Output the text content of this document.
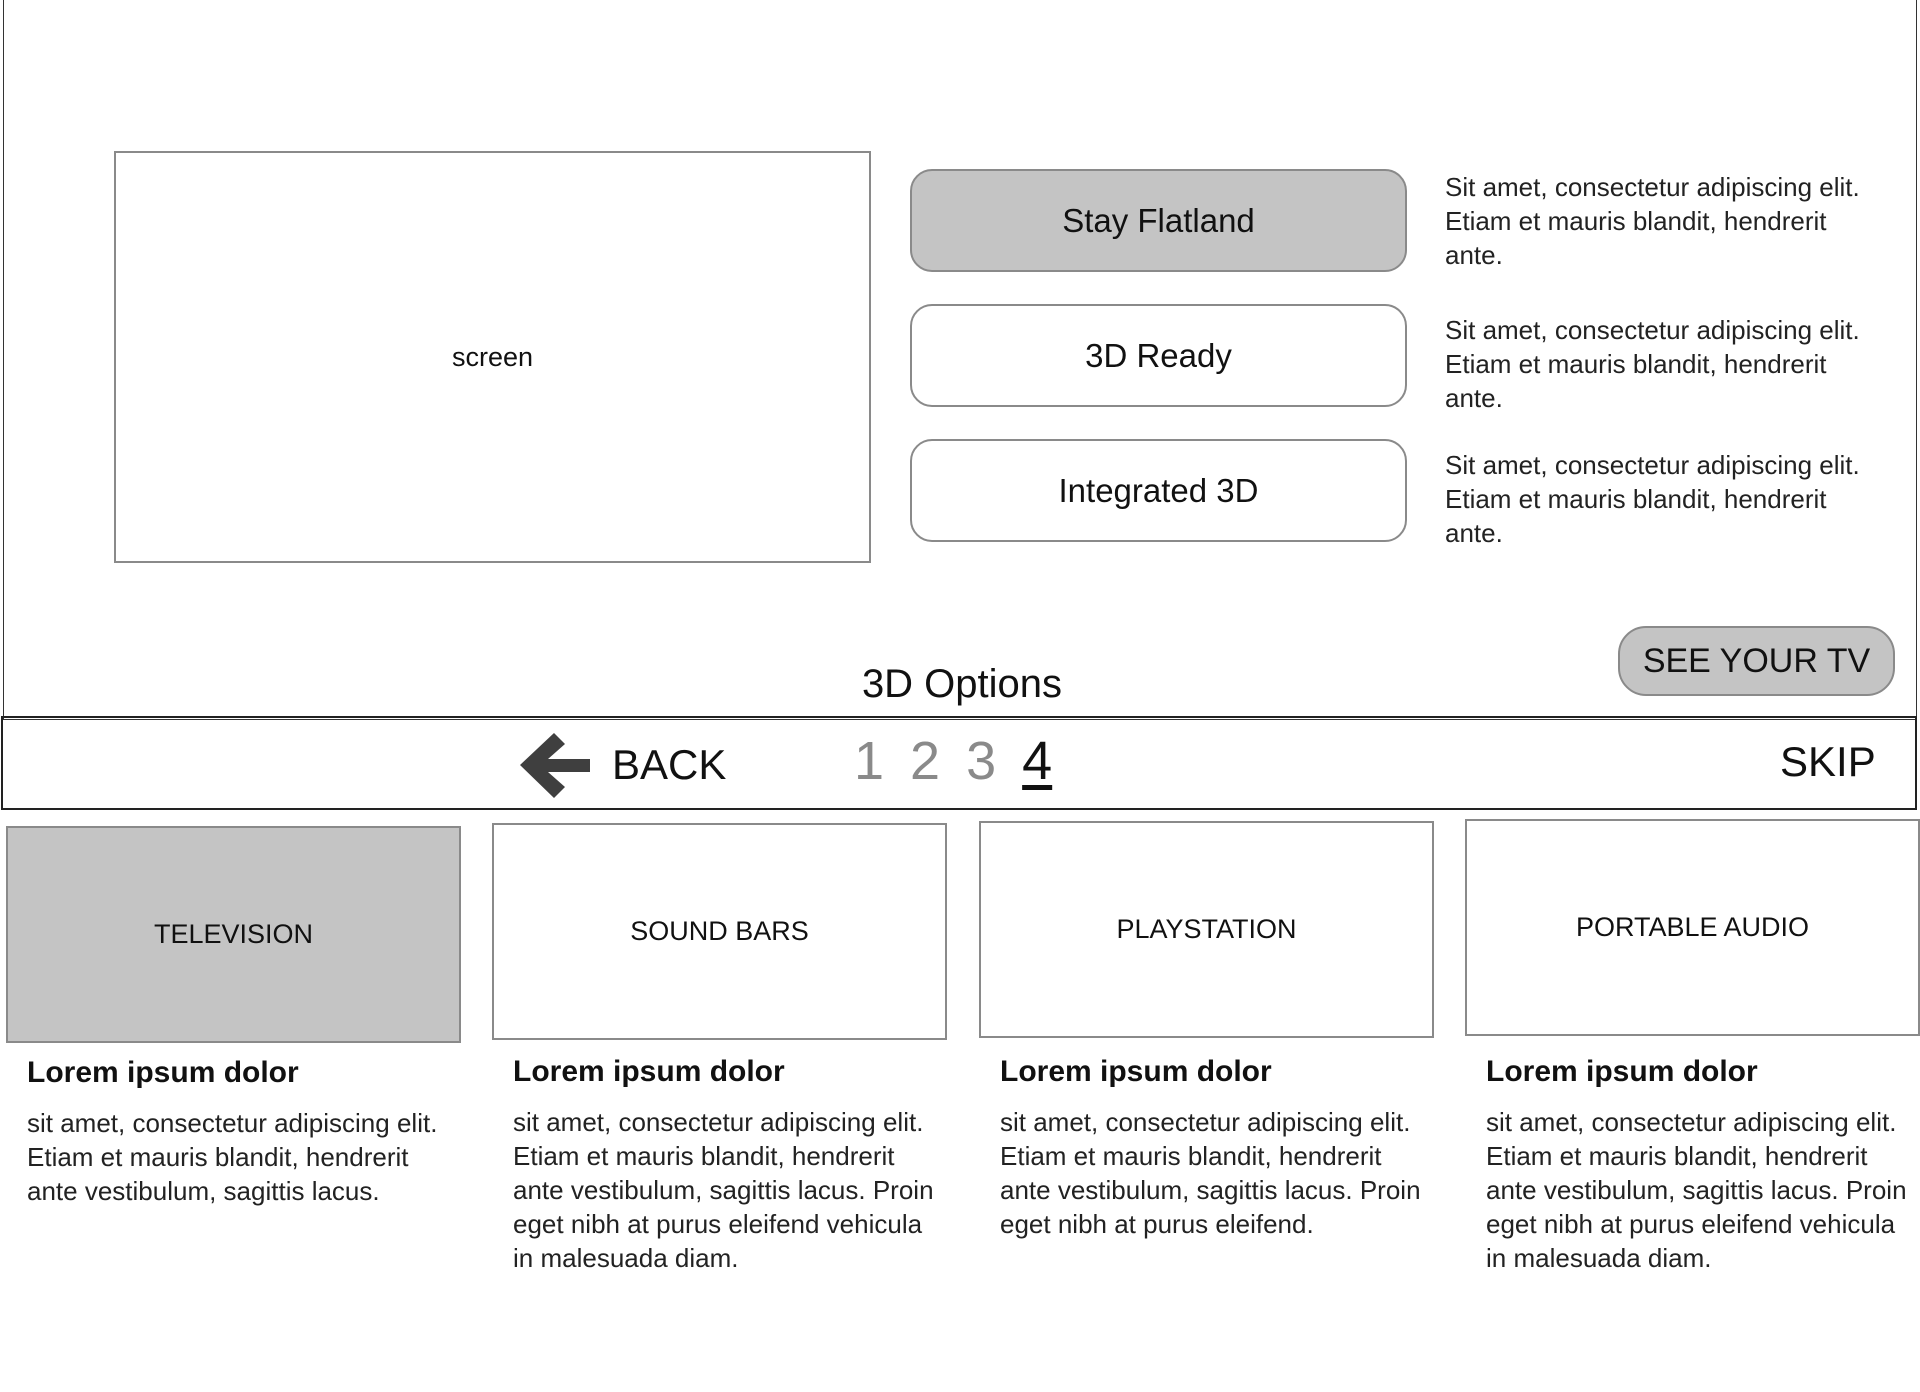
screen
Stay Flatland
Sit amet, consectetur adipiscing elit. Etiam et mauris blandit, hendrerit ante.
3D Ready
Sit amet, consectetur adipiscing elit. Etiam et mauris blandit, hendrerit ante.
Integrated 3D
Sit amet, consectetur adipiscing elit. Etiam et mauris blandit, hendrerit ante.
3D Options
SEE YOUR TV
BACK 1 2 3 4	SKIP
TELEVISION
Lorem ipsum dolor
sit amet, consectetur adipiscing elit. Etiam et mauris blandit, hendrerit ante vestibulum, sagittis lacus.
SOUND BARS
Lorem ipsum dolor
sit amet, consectetur adipiscing elit. Etiam et mauris blandit, hendrerit ante vestibulum, sagittis lacus. Proin eget nibh at purus eleifend vehicula in malesuada diam.
PLAYSTATION
Lorem ipsum dolor
sit amet, consectetur adipiscing elit. Etiam et mauris blandit, hendrerit ante vestibulum, sagittis lacus. Proin eget nibh at purus eleifend.
PORTABLE AUDIO
Lorem ipsum dolor
sit amet, consectetur adipiscing elit. Etiam et mauris blandit, hendrerit ante vestibulum, sagittis lacus. Proin eget nibh at purus eleifend vehicula in malesuada diam.
